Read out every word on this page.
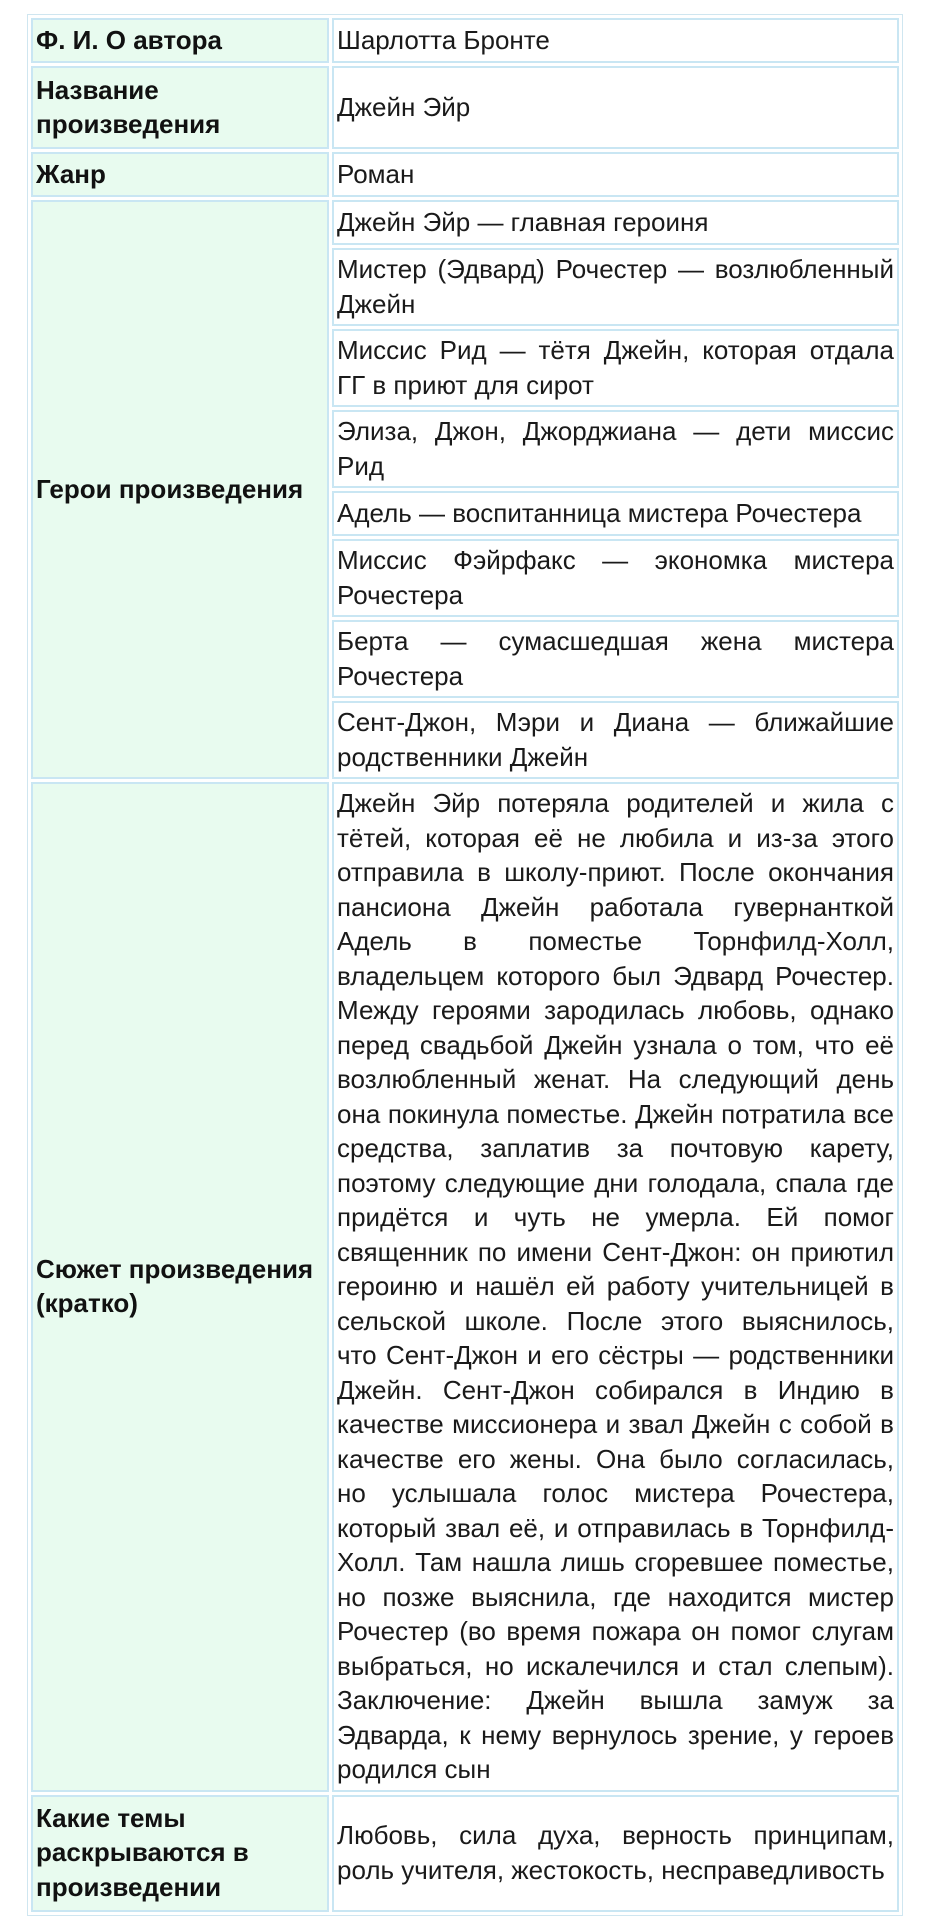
Ф. И. О автора	Шарлотта Бронте
Название произведения	Джейн Эйр
Жанр	Роман
Герои произведения	Джейн Эйр — главная героиня
	Мистер (Эдвард) Рочестер — возлюбленный Джейн
	Миссис Рид — тётя Джейн, которая отдала ГГ в приют для сирот
	Элиза, Джон, Джорджиана — дети миссис Рид
	Адель — воспитанница мистера Рочестера
	Миссис Фэйрфакс — экономка мистера Рочестера
	Берта — сумасшедшая жена мистера Рочестера
	Сент-Джон, Мэри и Диана — ближайшие родственники Джейн
Сюжет произведения (кратко)	Джейн Эйр потеряла родителей и жила с тётей, которая её не любила и из-за этого отправила в школу-приют. После окончания пансиона Джейн работала гувернанткой Адель в поместье Торнфилд-Холл, владельцем которого был Эдвард Рочестер. Между героями зародилась любовь, однако перед свадьбой Джейн узнала о том, что её возлюбленный женат. На следующий день она покинула поместье. Джейн потратила все средства, заплатив за почтовую карету, поэтому следующие дни голодала, спала где придётся и чуть не умерла. Ей помог священник по имени Сент-Джон: он приютил героиню и нашёл ей работу учительницей в сельской школе. После этого выяснилось, что Сент-Джон и его сёстры — родственники Джейн. Сент-Джон собирался в Индию в качестве миссионера и звал Джейн с собой в качестве его жены. Она было согласилась, но услышала голос мистера Рочестера, который звал её, и отправилась в Торнфилд-Холл. Там нашла лишь сгоревшее поместье, но позже выяснила, где находится мистер Рочестер (во время пожара он помог слугам выбраться, но искалечился и стал слепым). Заключение: Джейн вышла замуж за Эдварда, к нему вернулось зрение, у героев родился сын
Какие темы раскрываются в произведении	Любовь, сила духа, верность принципам, роль учителя, жестокость, несправедливость
